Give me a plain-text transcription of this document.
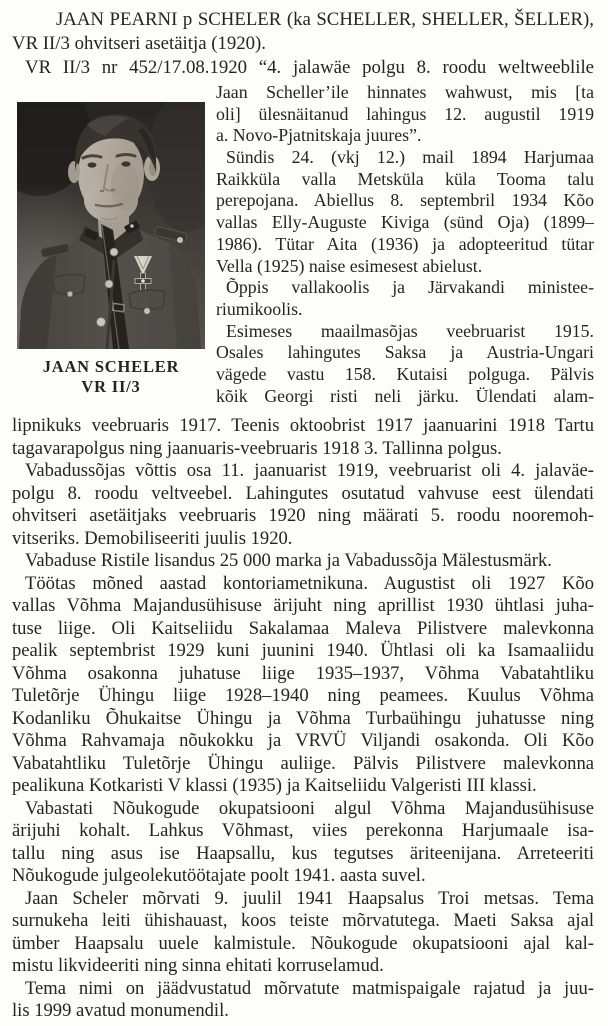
JAAN PEARNI p SCHELER (ka SCHELLER, SHELLER, ŠELLER),
VR II/3 ohvitseri asetäitja (1920).
VR II/3 nr 452/17.08.1920 “4. jalawäe polgu 8. roodu weltweeblile
JAAN SCHELER
VR II/3
Jaan Scheller’ile hinnates wahwust, mis [ta
oli] ülesnäitanud lahingus 12. augustil 1919
a. Novo-Pjatnitskaja juures”.
Sündis 24. (vkj 12.) mail 1894 Harjumaa
Raikküla valla Metsküla küla Tooma talu
perepojana. Abiellus 8. septembril 1934 Kõo
vallas Elly-Auguste Kiviga (sünd Oja) (1899–
1986). Tütar Aita (1936) ja adopteeritud tütar
Vella (1925) naise esimesest abielust.
Õppis vallakoolis ja Järvakandi ministee-
riumikoolis.
Esimeses maailmasõjas veebruarist 1915.
Osales lahingutes Saksa ja Austria-Ungari
vägede vastu 158. Kutaisi polguga. Pälvis
kõik Georgi risti neli järku. Ülendati alam-
lipnikuks veebruaris 1917. Teenis oktoobrist 1917 jaanuarini 1918 Tartu
tagavarapolgus ning jaanuaris-veebruaris 1918 3. Tallinna polgus.
Vabadussõjas võttis osa 11. jaanuarist 1919, veebruarist oli 4. jalaväe-
polgu 8. roodu veltveebel. Lahingutes osutatud vahvuse eest ülendati
ohvitseri asetäitjaks veebruaris 1920 ning määrati 5. roodu nooremoh-
vitseriks. Demobiliseeriti juulis 1920.
Vabaduse Ristile lisandus 25 000 marka ja Vabadussõja Mälestusmärk.
Töötas mõned aastad kontoriametnikuna. Augustist oli 1927 Kõo
vallas Võhma Majandusühisuse ärijuht ning aprillist 1930 ühtlasi juha-
tuse liige. Oli Kaitseliidu Sakalamaa Maleva Pilistvere malevkonna
pealik septembrist 1929 kuni juunini 1940. Ühtlasi oli ka Isamaaliidu
Võhma osakonna juhatuse liige 1935–1937, Võhma Vabatahtliku
Tuletõrje Ühingu liige 1928–1940 ning peamees. Kuulus Võhma
Kodanliku Õhukaitse Ühingu ja Võhma Turbaühingu juhatusse ning
Võhma Rahvamaja nõukokku ja VRVÜ Viljandi osakonda. Oli Kõo
Vabatahtliku Tuletõrje Ühingu auliige. Pälvis Pilistvere malevkonna
pealikuna Kotkaristi V klassi (1935) ja Kaitseliidu Valgeristi III klassi.
Vabastati Nõukogude okupatsiooni algul Võhma Majandusühisuse
ärijuhi kohalt. Lahkus Võhmast, viies perekonna Harjumaale isa-
tallu ning asus ise Haapsallu, kus tegutses äriteenijana. Arreteeriti
Nõukogude julgeolekutöötajate poolt 1941. aasta suvel.
Jaan Scheler mõrvati 9. juulil 1941 Haapsalus Troi metsas. Tema
surnukeha leiti ühishauast, koos teiste mõrvatutega. Maeti Saksa ajal
ümber Haapsalu uuele kalmistule. Nõukogude okupatsiooni ajal kal-
mistu likvideeriti ning sinna ehitati korruselamud.
Tema nimi on jäädvustatud mõrvatute matmispaigale rajatud ja juu-
lis 1999 avatud monumendil.
